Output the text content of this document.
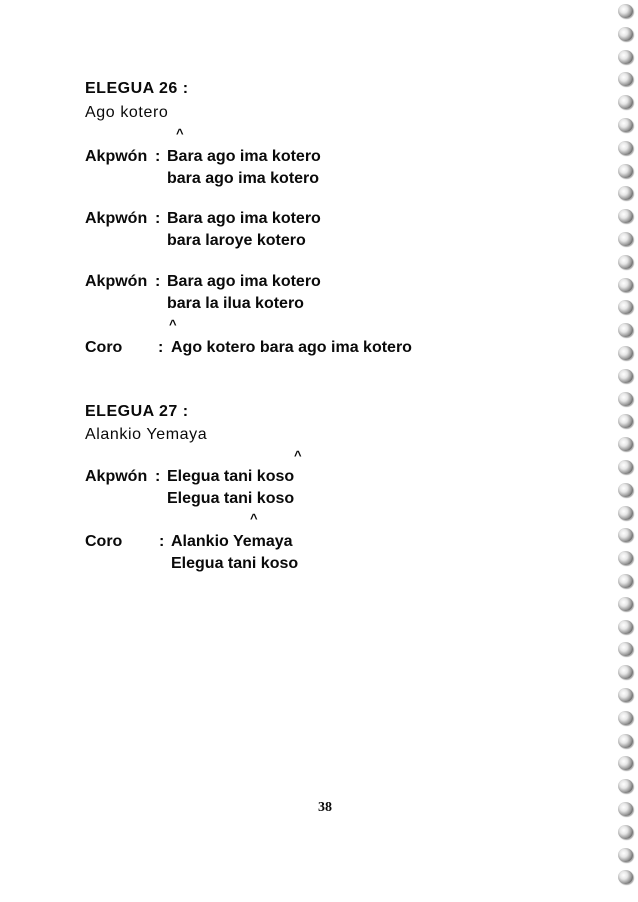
ELEGUA 26 :
Ago kotero
^
Akpwón : Bara ago ima kotero
bara ago ima kotero
Akpwón : Bara ago ima kotero
bara laroye kotero
Akpwón : Bara ago ima kotero
bara la ilua kotero
^
Coro : Ago kotero bara ago ima kotero
ELEGUA 27 :
Alankio Yemaya
^
Akpwón : Elegua tani koso
Elegua tani koso
^
Coro : Alankio Yemaya
Elegua tani koso
38
